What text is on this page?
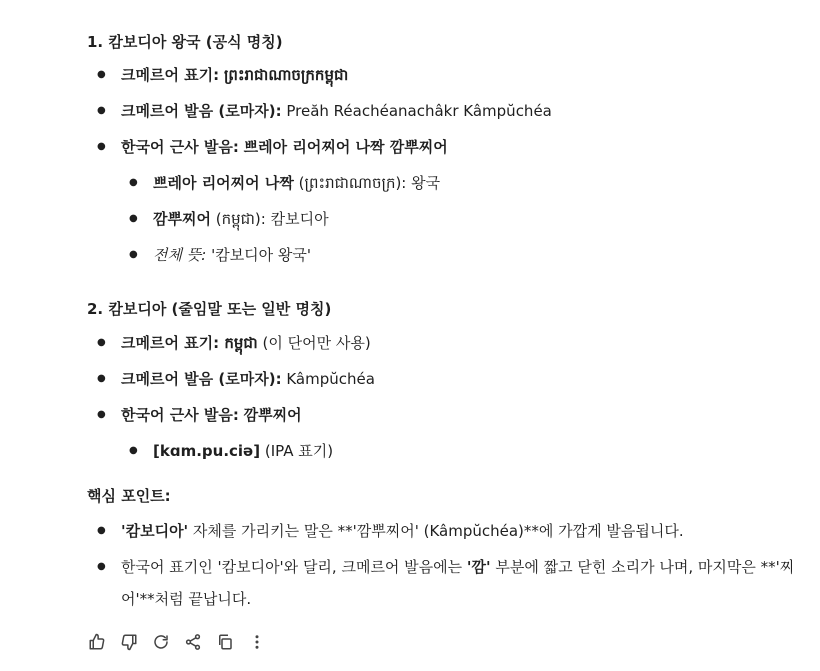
1. 캄보디아 왕국 (공식 명칭)
● 크메르어 표기: ព្រះរាជាណាចក្រកម្ពុជា
● 크메르어 발음 (로마자): Preăh Réachéanachâkr Kâmpŭchéa
● 한국어 근사 발음: 쁘레아 리어찌어 나짝 깜뿌찌어
● 쁘레아 리어찌어 나짝 (ព្រះរាជាណាចក្រ): 왕국
● 깜뿌찌어 (កម្ពុជា): 캄보디아
● 전체 뜻: '캄보디아 왕국'
2. 캄보디아 (줄임말 또는 일반 명칭)
● 크메르어 표기: កម្ពុជា (이 단어만 사용)
● 크메르어 발음 (로마자): Kâmpŭchéa
● 한국어 근사 발음: 깜뿌찌어
● [kɑm.pu.ciə] (IPA 표기)
핵심 포인트:
● '캄보디아' 자체를 가리키는 말은 **'깜뿌찌어' (Kâmpŭchéa)**에 가깝게 발음됩니다.
● 한국어 표기인 '캄보디아'와 달리, 크메르어 발음에는 '깜' 부분에 짧고 닫힌 소리가 나며, 마지막은 **'찌어'**처럼 끝납니다.
